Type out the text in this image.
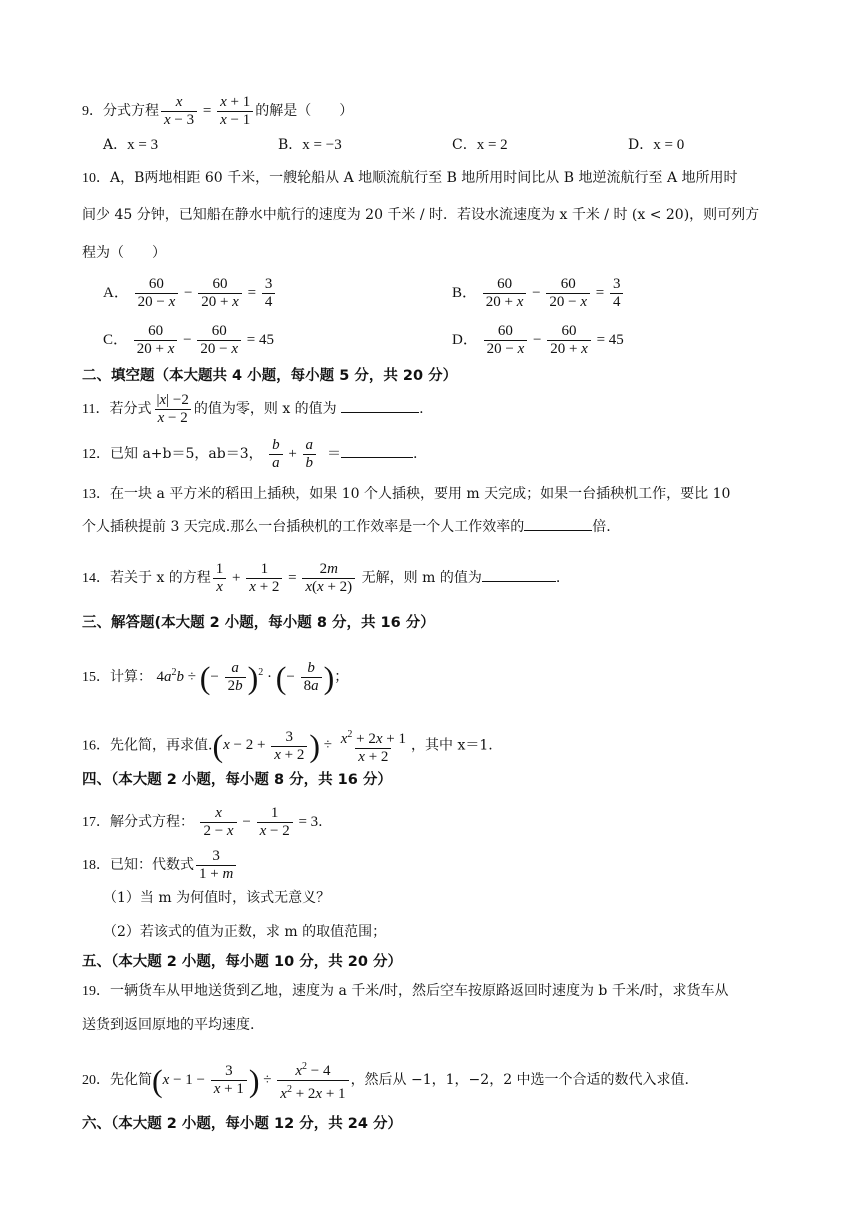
9．分式方程 $\frac{x}{x - 3} = \frac{x + 1}{x - 1}$ 的解是（　　）
A．x = 3	B．x = −3	C．x = 2	D．x = 0
10．A，B两地相距 60 千米，一艘轮船从 A 地顺流航行至 B 地所用时间比从 B 地逆流航行至 A 地所用时
间少 45 分钟，已知船在静水中航行的速度为 20 千米 / 时．若设水流速度为 x 千米 / 时 (x < 20)，则可列方
程为（　　）
A． $\frac{60}{20 - x} - \frac{60}{20 + x} = \frac{3}{4}$	B． $\frac{60}{20 + x} - \frac{60}{20 - x} = \frac{3}{4}$
C． $\frac{60}{20 + x} - \frac{60}{20 - x} = 45$	D． $\frac{60}{20 - x} - \frac{60}{20 + x} = 45$
二、填空题（本大题共 4 小题，每小题 5 分，共 20 分）
11．若分式 $\frac{|x| -2}{x - 2}$ 的值为零，则 x 的值为	.
12．已知 a+b＝5，ab＝3， $\frac{b}{a} + \frac{a}{b}$ ＝	.
13．在一块 a 平方米的稻田上插秧，如果 10 个人插秧，要用 m 天完成；如果一台插秧机工作，要比 10
个人插秧提前 3 天完成.那么一台插秧机的工作效率是一个人工作效率的	倍.
14．若关于 x 的方程 $\frac{1}{x} + \frac{1}{x + 2} = \frac{2m}{x(x + 2)}$ 无解，则 m 的值为	.
三、解答题(本大题 2 小题，每小题 8 分，共 16 分）
15．计算： $4a^2b$ ÷ (− $\frac{a}{2b} )^2$ · (− $\frac{b}{8a}$ )；
16．先化简，再求值$.(x - 2 + \frac{3}{x + 2}$ ) ÷ $\frac{x^2 + 2x + 1}{x + 2}$ ，其中 x＝1.
四、（本大题 2 小题，每小题 8 分，共 16 分）
17．解分式方程： $\frac{x}{2 - x} - \frac{1}{x - 2} = 3$.
18．已知：代数式 $\frac{3}{1 + m}$
（1）当 m 为何值时，该式无意义？
（2）若该式的值为正数，求 m 的取值范围；
五、（本大题 2 小题，每小题 10 分，共 20 分）
19．一辆货车从甲地送货到乙地，速度为 a 千米/时，然后空车按原路返回时速度为 b 千米/时，求货车从
送货到返回原地的平均速度.
20．先化简($x - 1 - \frac{3}{x + 1}$ ) ÷ $\frac{x^2 - 4}{x^2 + 2x + 1}$ ，然后从 −1，1，−2，2 中选一个合适的数代入求值.
六、（本大题 2 小题，每小题 12 分，共 24 分）
